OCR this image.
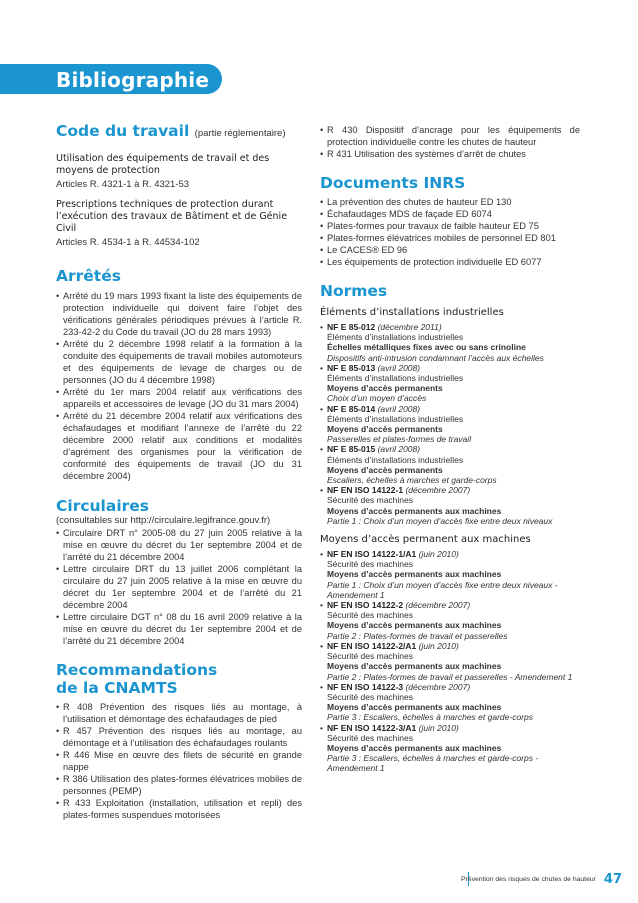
Bibliographie
Code du travail (partie réglementaire)

Utilisation des équipements de travail et des moyens de protection

Articles R. 4321-1 à R. 4321-53

Prescriptions techniques de protection durant l’exécution des travaux de Bâtiment et de Génie Civil

Articles R. 4534-1 à R. 44534-102

Arrêtés
• Arrêté du 19 mars 1993 fixant la liste des équipements de protection individuelle qui doivent faire l’objet des vérifications générales périodiques prévues à l’article R. 233-42-2 du Code du travail (JO du 28 mars 1993)
• Arrêté du 2 décembre 1998 relatif à la formation à la conduite des équipements de travail mobiles automoteurs et des équipements de levage de charges ou de personnes (JO du 4 décembre 1998)
• Arrêté du 1er mars 2004 relatif aux vérifications des appareils et accessoires de levage (JO du 31 mars 2004)
• Arrêté du 21 décembre 2004 relatif aux vérifications des échafaudages et modifiant l’annexe de l’arrêté du 22 décembre 2000 relatif aux conditions et modalités d’agrément des organismes pour la vérification de conformité des équipements de travail (JO du 31 décembre 2004)
Circulaires

(consultables sur http://circulaire.legifrance.gouv.fr)

• Circulaire DRT n° 2005-08 du 27 juin 2005 relative à la mise en œuvre du décret du 1er septembre 2004 et de l’arrêté du 21 décembre 2004
• Lettre circulaire DRT du 13 juillet 2006 complétant la circulaire du 27 juin 2005 relative à la mise en œuvre du décret du 1er septembre 2004 et de l’arrêté du 21 décembre 2004
• Lettre circulaire DGT n° 08 du 16 avril 2009 relative à la mise en œuvre du décret du 1er septembre 2004 et de l’arrêté du 21 décembre 2004
Recommandations de la CNAMTS
• R 408 Prévention des risques liés au montage, à l’utilisation et démontage des échafaudages de pied
• R 457 Prévention des risques liés au montage, au démontage et à l’utilisation des échafaudages roulants
• R 446 Mise en œuvre des filets de sécurité en grande nappe
• R 386 Utilisation des plates-formes élévatrices mobiles de personnes (PEMP)
• R 433 Exploitation (installation, utilisation et repli) des plates-formes suspendues motorisées
• R 430 Dispositif d’ancrage pour les équipements de protection individuelle contre les chutes de hauteur
• R 431 Utilisation des systèmes d’arrêt de chutes
Documents INRS
• La prévention des chutes de hauteur ED 130
• Échafaudages MDS de façade ED 6074
• Plates-formes pour travaux de faible hauteur ED 75
• Plates-formes élévatrices mobiles de personnel ED 801
• Le CACES® ED 96
• Les équipements de protection individuelle ED 6077
Normes

Éléments d’installations industrielles

• NF E 85-012 (décembre 2011)
Éléments d’installations industrielles
Échelles métalliques fixes avec ou sans crinoline
Dispositifs anti-intrusion condamnant l’accès aux échelles
• NF E 85-013 (avril 2008)
Éléments d’installations industrielles
Moyens d’accès permanents
Choix d’un moyen d’accès
• NF E 85-014 (avril 2008)
Éléments d’installations industrielles
Moyens d’accès permanents
Passerelles et plates-formes de travail
• NF E 85-015 (avril 2008)
Éléments d’installations industrielles
Moyens d’accès permanents
Escaliers, échelles à marches et garde-corps
• NF EN ISO 14122-1 (décembre 2007)
Sécurité des machines
Moyens d’accès permanents aux machines
Partie 1 : Choix d’un moyen d’accès fixe entre deux niveaux

Moyens d’accès permanent aux machines

• NF EN ISO 14122-1/A1 (juin 2010)
Sécurité des machines
Moyens d’accès permanents aux machines
Partie 1 : Choix d’un moyen d’accès fixe entre deux niveaux - Amendement 1
• NF EN ISO 14122-2 (décembre 2007)
Sécurité des machines
Moyens d’accès permanents aux machines
Partie 2 : Plates-formes de travail et passerelles
• NF EN ISO 14122-2/A1 (juin 2010)
Sécurité des machines
Moyens d’accès permanents aux machines
Partie 2 : Plates-formes de travail et passerelles - Amendement 1
• NF EN ISO 14122-3 (décembre 2007)
Sécurité des machines
Moyens d’accès permanents aux machines
Partie 3 : Escaliers, échelles à marches et garde-corps
• NF EN ISO 14122-3/A1 (juin 2010)
Sécurité des machines
Moyens d’accès permanents aux machines
Partie 3 : Escaliers, échelles à marches et garde-corps - Amendement 1
Prévention des risques de chutes de hauteur 47
